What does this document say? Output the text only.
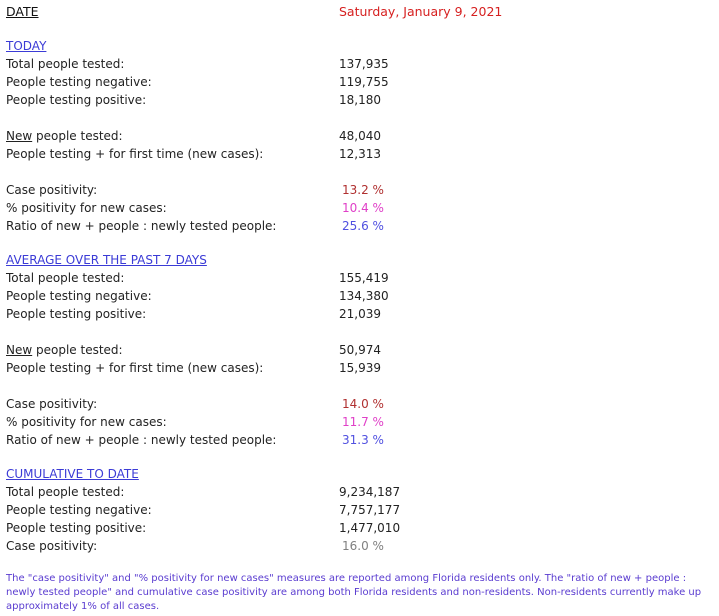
DATE	Saturday, January 9, 2021
TODAY
Total people tested:	137,935
People testing negative:	119,755
People testing positive:	18,180
New people tested:	48,040
People testing + for first time (new cases):	12,313
Case positivity:	13.2 %
% positivity for new cases:	10.4 %
Ratio of new + people : newly tested people:	25.6 %
AVERAGE OVER THE PAST 7 DAYS
Total people tested:	155,419
People testing negative:	134,380
People testing positive:	21,039
New people tested:	50,974
People testing + for first time (new cases):	15,939
Case positivity:	14.0 %
% positivity for new cases:	11.7 %
Ratio of new + people : newly tested people:	31.3 %
CUMULATIVE TO DATE
Total people tested:	9,234,187
People testing negative:	7,757,177
People testing positive:	1,477,010
Case positivity:	16.0 %
The "case positivity" and "% positivity for new cases" measures are reported among Florida residents only. The "ratio of new + people : newly tested people" and cumulative case positivity are among both Florida residents and non-residents. Non-residents currently make up approximately 1% of all cases.
